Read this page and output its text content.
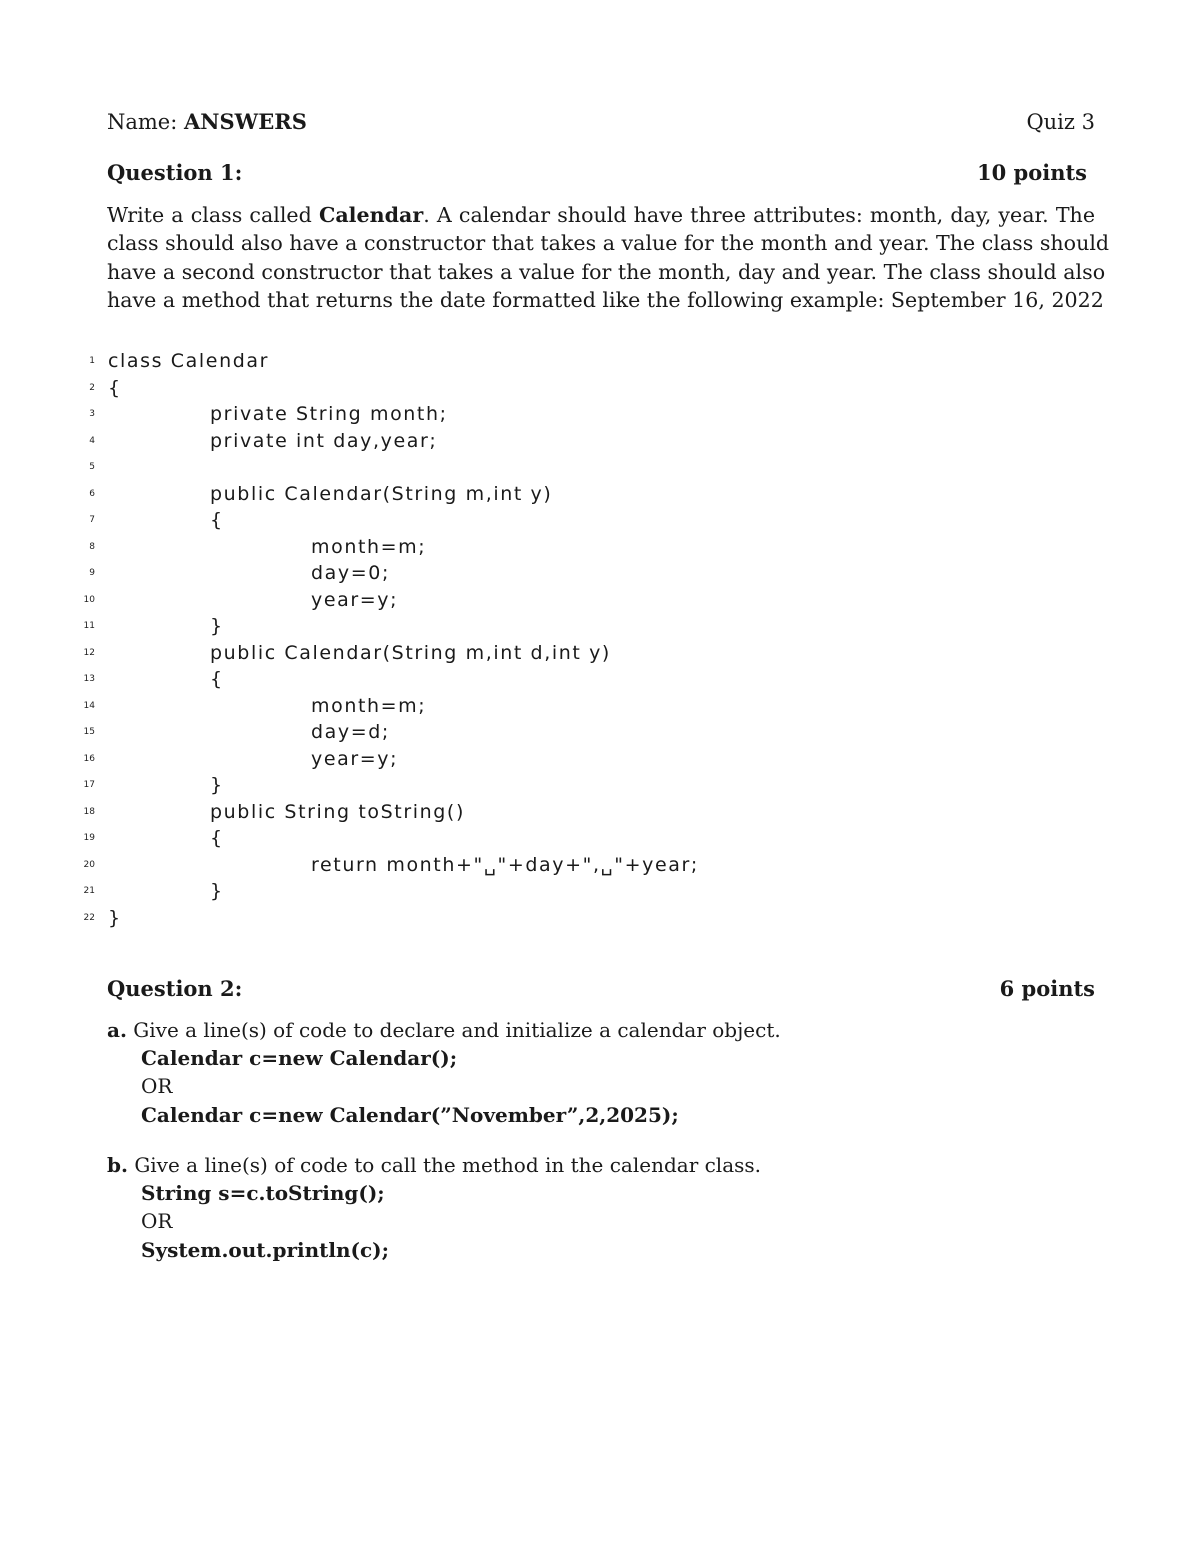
Name: ANSWERS	Quiz 3
Question 1:	10 points
Write a class called Calendar. A calendar should have three attributes: month, day, year. The
class should also have a constructor that takes a value for the month and year. The class should
have a second constructor that takes a value for the month, day and year. The class should also
have a method that returns the date formatted like the following example: September 16, 2022
1 class Calendar
2 {
3	private String month;
4	private int day,year;
5
6	public Calendar(String m,int y)
7	{
8	month=m;
9	day=0;
10	year=y;
11	}
12	public Calendar(String m,int d,int y)
13	{
14	month=m;
15	day=d;
16	year=y;
17	}
18	public String toString()
19	{
20	return month+"␣"+day+",␣"+year;
21	}
22 }
Question 2:	6 points
a. Give a line(s) of code to declare and initialize a calendar object.
Calendar c=new Calendar();
OR
Calendar c=new Calendar(”November”,2,2025);
b. Give a line(s) of code to call the method in the calendar class.
String s=c.toString();
OR
System.out.println(c);
